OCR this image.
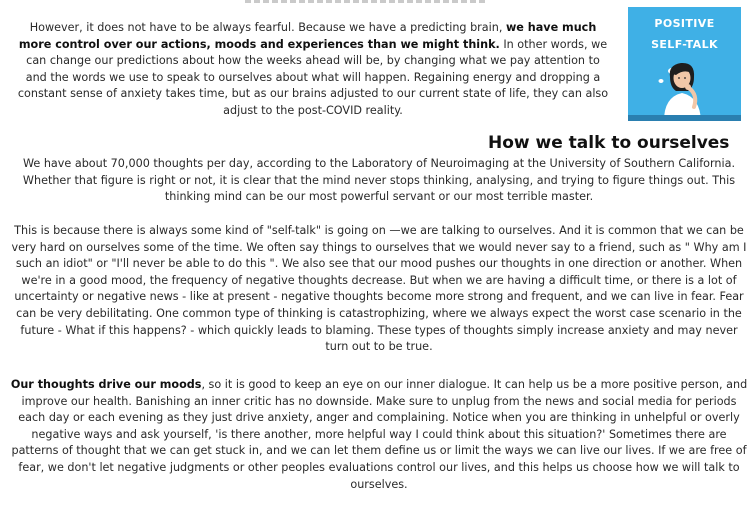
However, it does not have to be always fearful. Because we have a predicting brain, we have much more control over our actions, moods and experiences than we might think. In other words, we can change our predictions about how the weeks ahead will be, by changing what we pay attention to and the words we use to speak to ourselves about what will happen. Regaining energy and dropping a constant sense of anxiety takes time, but as our brains adjusted to our current state of life, they can also adjust to the post-COVID reality.

POSITIVE
SELF-TALK
How we talk to ourselves

We have about 70,000 thoughts per day, according to the Laboratory of Neuroimaging at the University of Southern California. Whether that figure is right or not, it is clear that the mind never stops thinking, analysing, and trying to figure things out. This thinking mind can be our most powerful servant or our most terrible master.

This is because there is always some kind of "self-talk" is going on —we are talking to ourselves. And it is common that we can be very hard on ourselves some of the time. We often say things to ourselves that we would never say to a friend, such as " Why am I such an idiot" or "I'll never be able to do this ". We also see that our mood pushes our thoughts in one direction or another. When we're in a good mood, the frequency of negative thoughts decrease. But when we are having a difficult time, or there is a lot of uncertainty or negative news - like at present - negative thoughts become more strong and frequent, and we can live in fear. Fear can be very debilitating. One common type of thinking is catastrophizing, where we always expect the worst case scenario in the future - What if this happens? - which quickly leads to blaming. These types of thoughts simply increase anxiety and may never turn out to be true.

Our thoughts drive our moods, so it is good to keep an eye on our inner dialogue. It can help us be a more positive person, and improve our health. Banishing an inner critic has no downside. Make sure to unplug from the news and social media for periods each day or each evening as they just drive anxiety, anger and complaining. Notice when you are thinking in unhelpful or overly negative ways and ask yourself, 'is there another, more helpful way I could think about this situation?' Sometimes there are patterns of thought that we can get stuck in, and we can let them define us or limit the ways we can live our lives. If we are free of fear, we don't let negative judgments or other peoples evaluations control our lives, and this helps us choose how we will talk to ourselves.
